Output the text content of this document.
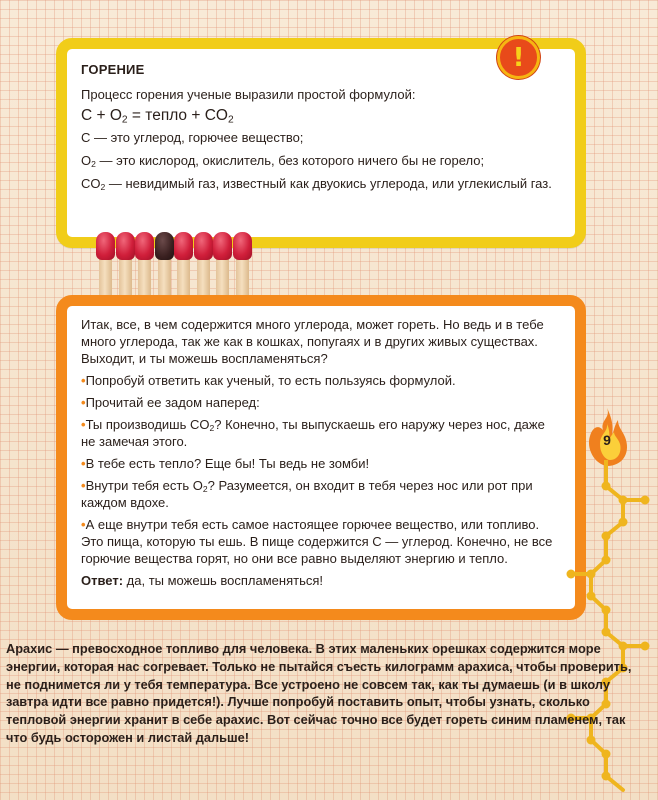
ГОРЕНИЕ
Процесс горения ученые выразили простой формулой:
$C + O_2$ = тепло + $CO_2$
C — это углерод, горючее вещество;
$O_2$ — это кислород, окислитель, без которого ничего бы не горело;
$CO_2$ — невидимый газ, известный как двуокись углерода, или углекислый газ.
!
Итак, все, в чем содержится много углерода, может гореть. Но ведь и в тебе много углерода, так же как в кошках, попугаях и в других живых существах. Выходит, и ты можешь воспламеняться?
•Попробуй ответить как ученый, то есть пользуясь формулой.
•Прочитай ее задом наперед:
•Ты производишь $CO_2$? Конечно, ты выпускаешь его наружу через нос, даже не замечая этого.
•В тебе есть тепло? Еще бы! Ты ведь не зомби!
•Внутри тебя есть $O_2$? Разумеется, он входит в тебя через нос или рот при каждом вдохе.
•А еще внутри тебя есть самое настоящее горючее вещество, или топливо. Это пища, которую ты ешь. В пище содержится C — углерод. Конечно, не все горючие вещества горят, но они все равно выделяют энергию и тепло.
Ответ: да, ты можешь воспламеняться!
9
Арахис — превосходное топливо для человека. В этих маленьких орешках содержится море энергии, которая нас согревает. Только не пытайся съесть килограмм арахиса, чтобы проверить, не поднимется ли у тебя температура. Все устроено не совсем так, как ты думаешь (и в школу завтра идти все равно придется!). Лучше попробуй поставить опыт, чтобы узнать, сколько тепловой энергии хранит в себе арахис. Вот сейчас точно все будет гореть синим пламенем, так что будь осторожен и листай дальше!
